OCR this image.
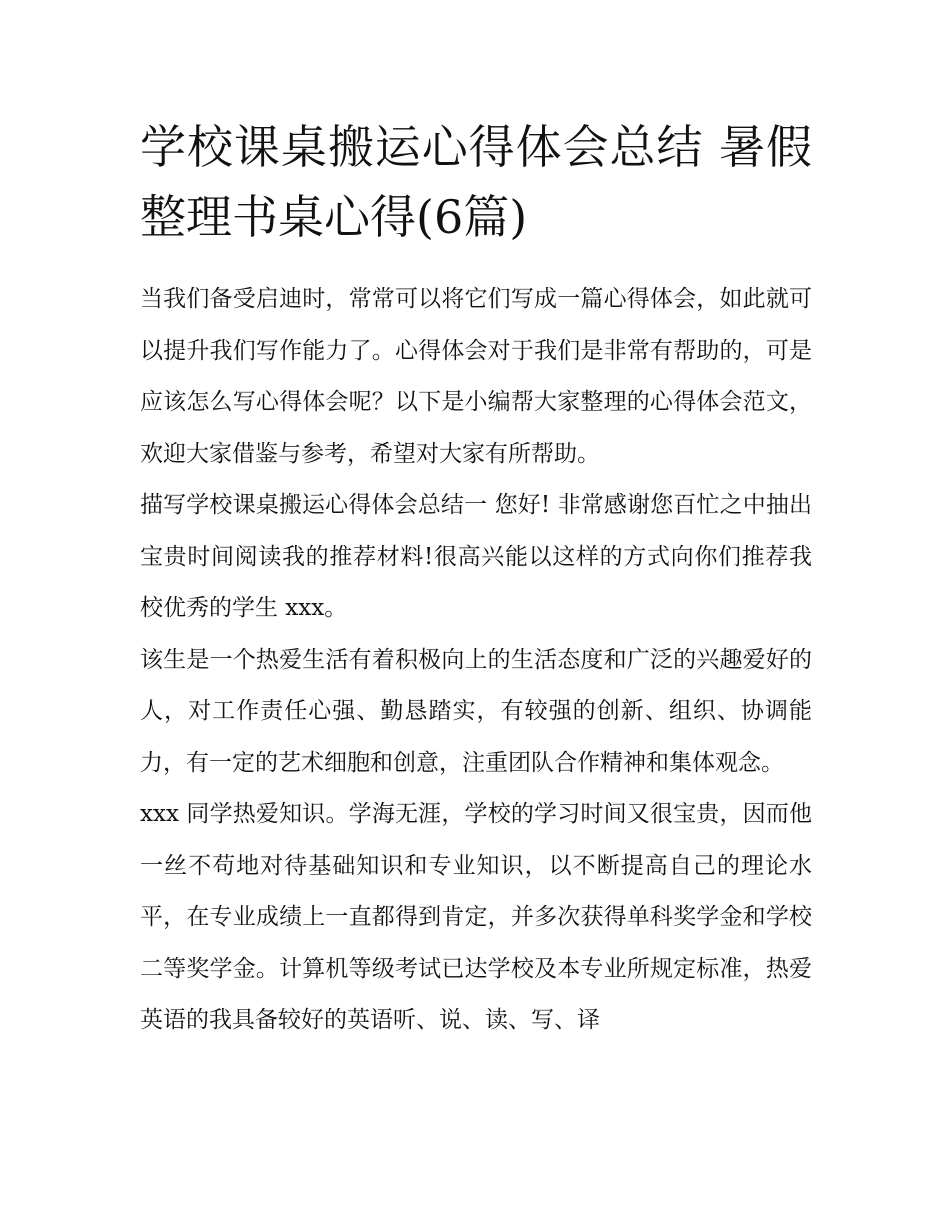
学校课桌搬运心得体会总结 暑假整理书桌心得(6篇)

当我们备受启迪时，常常可以将它们写成一篇心得体会，如此就可以提升我们写作能力了。心得体会对于我们是非常有帮助的，可是应该怎么写心得体会呢？以下是小编帮大家整理的心得体会范文，欢迎大家借鉴与参考，希望对大家有所帮助。

描写学校课桌搬运心得体会总结一 您好! 非常感谢您百忙之中抽出宝贵时间阅读我的推荐材料!很高兴能以这样的方式向你们推荐我校优秀的学生 xxx。

该生是一个热爱生活有着积极向上的生活态度和广泛的兴趣爱好的人，对工作责任心强、勤恳踏实，有较强的创新、组织、协调能力，有一定的艺术细胞和创意，注重团队合作精神和集体观念。

xxx 同学热爱知识。学海无涯，学校的学习时间又很宝贵，因而他一丝不苟地对待基础知识和专业知识，以不断提高自己的理论水平，在专业成绩上一直都得到肯定，并多次获得单科奖学金和学校二等奖学金。计算机等级考试已达学校及本专业所规定标准，热爱英语的我具备较好的英语听、说、读、写、译
